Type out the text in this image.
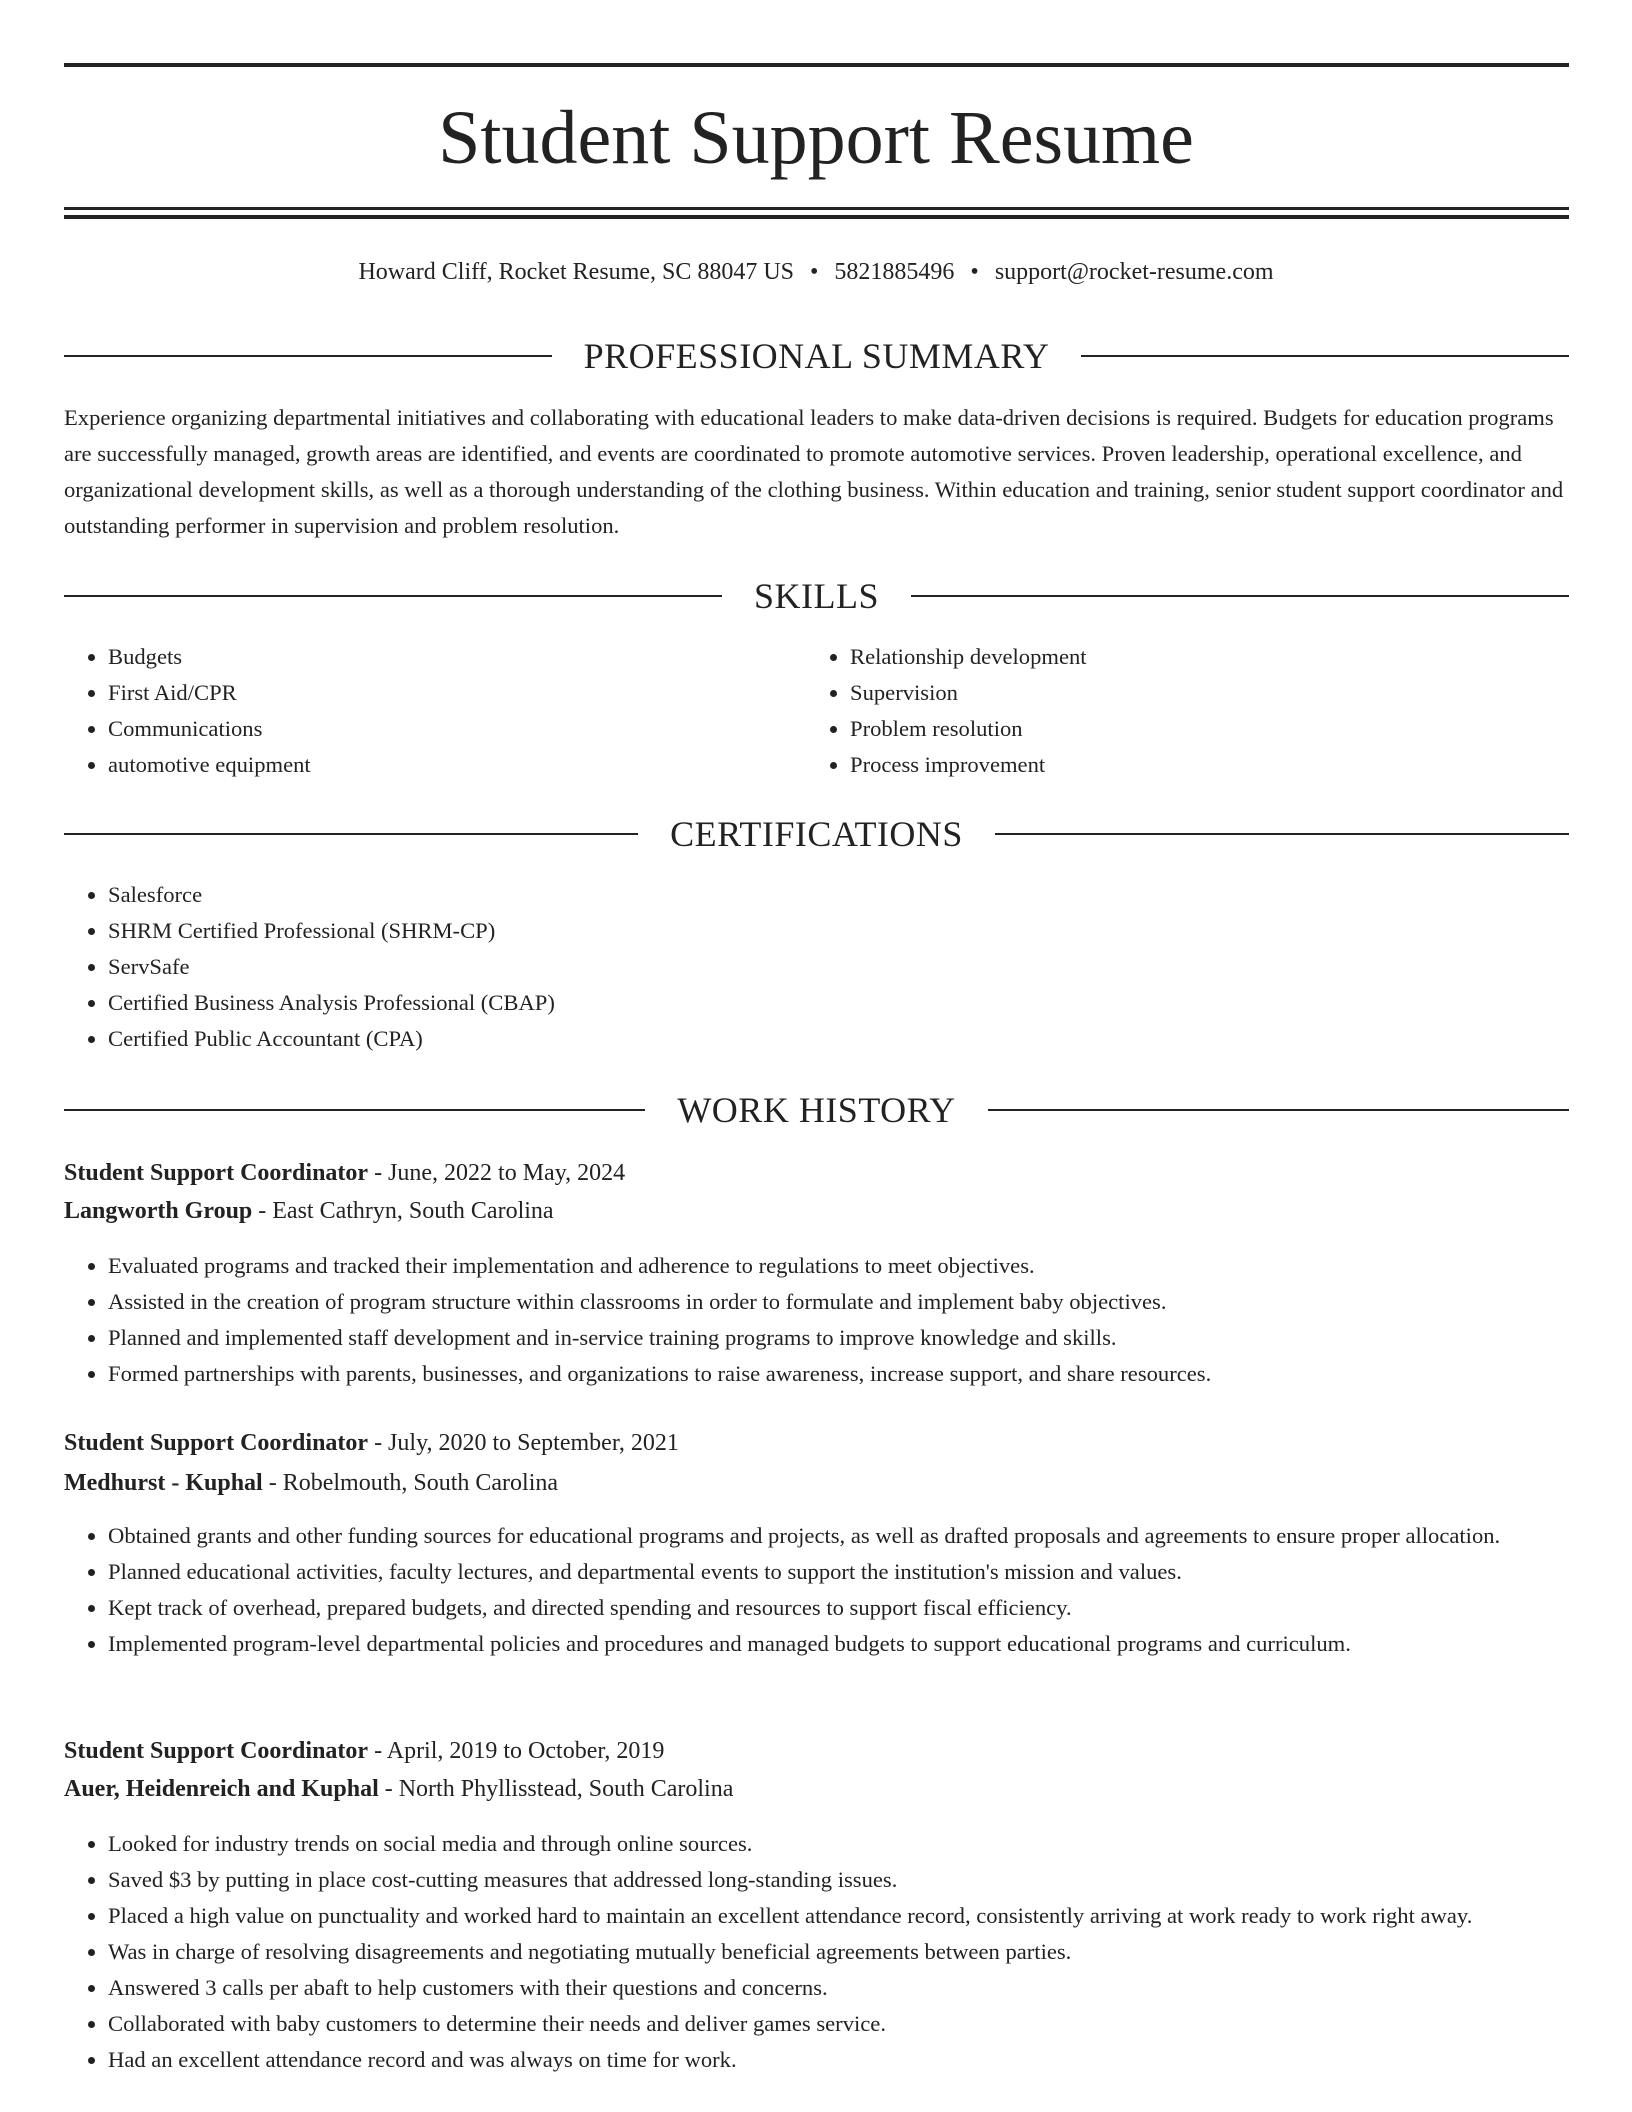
Student Support Resume
Howard Cliff, Rocket Resume, SC 88047 US • 5821885496 • support@rocket-resume.com
PROFESSIONAL SUMMARY

Experience organizing departmental initiatives and collaborating with educational leaders to make data-driven decisions is required. Budgets for education programs are successfully managed, growth areas are identified, and events are coordinated to promote automotive services. Proven leadership, operational excellence, and organizational development skills, as well as a thorough understanding of the clothing business. Within education and training, senior student support coordinator and outstanding performer in supervision and problem resolution.

SKILLS
• Budgets
• First Aid/CPR
• Communications
• automotive equipment
• Relationship development
• Supervision
• Problem resolution
• Process improvement
CERTIFICATIONS
• Salesforce
• SHRM Certified Professional (SHRM-CP)
• ServSafe
• Certified Business Analysis Professional (CBAP)
• Certified Public Accountant (CPA)
WORK HISTORY
Student Support Coordinator - June, 2022 to May, 2024
Langworth Group - East Cathryn, South Carolina
• Evaluated programs and tracked their implementation and adherence to regulations to meet objectives.
• Assisted in the creation of program structure within classrooms in order to formulate and implement baby objectives.
• Planned and implemented staff development and in-service training programs to improve knowledge and skills.
• Formed partnerships with parents, businesses, and organizations to raise awareness, increase support, and share resources.
Student Support Coordinator - July, 2020 to September, 2021
Medhurst - Kuphal - Robelmouth, South Carolina
• Obtained grants and other funding sources for educational programs and projects, as well as drafted proposals and agreements to ensure proper allocation.
• Planned educational activities, faculty lectures, and departmental events to support the institution's mission and values.
• Kept track of overhead, prepared budgets, and directed spending and resources to support fiscal efficiency.
• Implemented program-level departmental policies and procedures and managed budgets to support educational programs and curriculum.
Student Support Coordinator - April, 2019 to October, 2019
Auer, Heidenreich and Kuphal - North Phyllisstead, South Carolina
• Looked for industry trends on social media and through online sources.
• Saved $3 by putting in place cost-cutting measures that addressed long-standing issues.
• Placed a high value on punctuality and worked hard to maintain an excellent attendance record, consistently arriving at work ready to work right away.
• Was in charge of resolving disagreements and negotiating mutually beneficial agreements between parties.
• Answered 3 calls per abaft to help customers with their questions and concerns.
• Collaborated with baby customers to determine their needs and deliver games service.
• Had an excellent attendance record and was always on time for work.
